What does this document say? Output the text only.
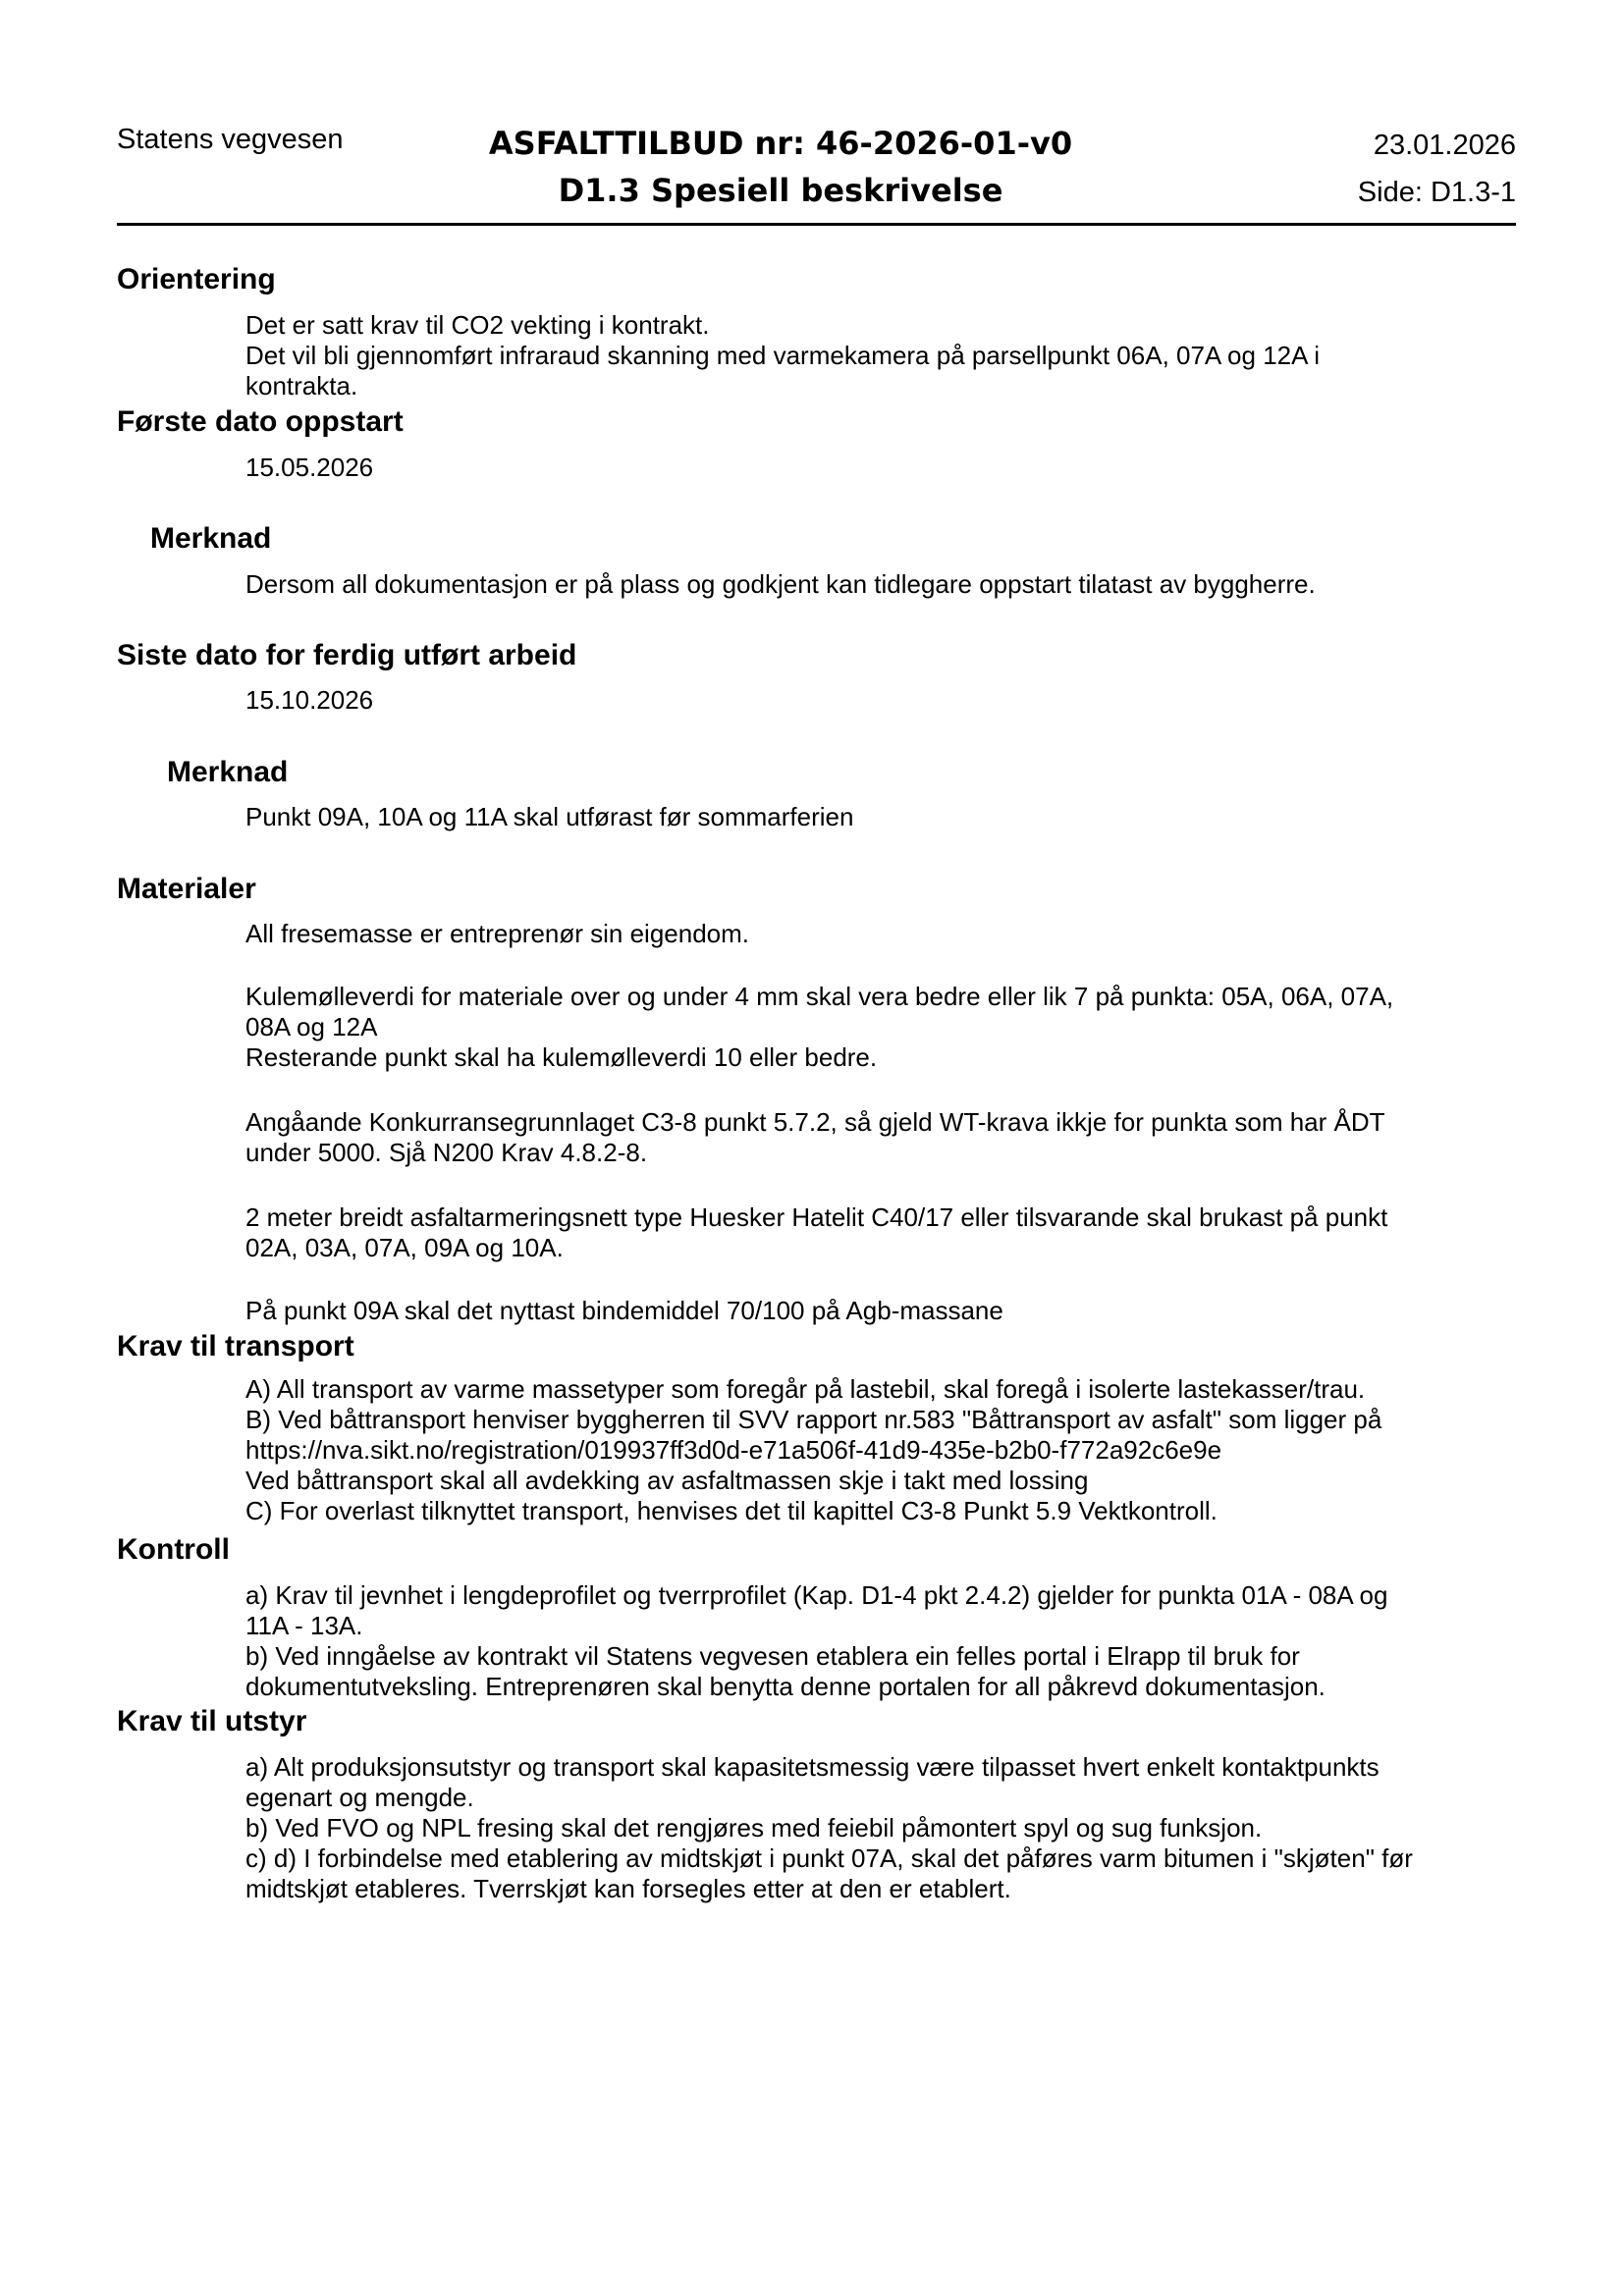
Statens vegvesen	ASFALTTILBUD nr: 46-2026-01-v0
D1.3 Spesiell beskrivelse
23.01.2026
Side: D1.3-1
Orientering
Det er satt krav til CO2 vekting i kontrakt.
Det vil bli gjennomført infraraud skanning med varmekamera på parsellpunkt 06A, 07A og 12A i
kontrakta.
Første dato oppstart
15.05.2026
Merknad
Dersom all dokumentasjon er på plass og godkjent kan tidlegare oppstart tilatast av byggherre.
Siste dato for ferdig utført arbeid
15.10.2026
Merknad
Punkt 09A, 10A og 11A skal utførast før sommarferien
Materialer
All fresemasse er entreprenør sin eigendom.
Kulemølleverdi for materiale over og under 4 mm skal vera bedre eller lik 7 på punkta: 05A, 06A, 07A,
08A og 12A
Resterande punkt skal ha kulemølleverdi 10 eller bedre.
Angåande Konkurransegrunnlaget C3-8 punkt 5.7.2, så gjeld WT-krava ikkje for punkta som har ÅDT
under 5000. Sjå N200 Krav 4.8.2-8.
2 meter breidt asfaltarmeringsnett type Huesker Hatelit C40/17 eller tilsvarande skal brukast på punkt
02A, 03A, 07A, 09A og 10A.
På punkt 09A skal det nyttast bindemiddel 70/100 på Agb-massane
Krav til transport
A) All transport av varme massetyper som foregår på lastebil, skal foregå i isolerte lastekasser/trau.
B) Ved båttransport henviser byggherren til SVV rapport nr.583 "Båttransport av asfalt" som ligger på
https://nva.sikt.no/registration/019937ff3d0d-e71a506f-41d9-435e-b2b0-f772a92c6e9e
Ved båttransport skal all avdekking av asfaltmassen skje i takt med lossing
C) For overlast tilknyttet transport, henvises det til kapittel C3-8 Punkt 5.9 Vektkontroll.
Kontroll
a) Krav til jevnhet i lengdeprofilet og tverrprofilet (Kap. D1-4 pkt 2.4.2) gjelder for punkta 01A - 08A og
11A - 13A.
b) Ved inngåelse av kontrakt vil Statens vegvesen etablera ein felles portal i Elrapp til bruk for
dokumentutveksling. Entreprenøren skal benytta denne portalen for all påkrevd dokumentasjon.
Krav til utstyr
a) Alt produksjonsutstyr og transport skal kapasitetsmessig være tilpasset hvert enkelt kontaktpunkts
egenart og mengde.
b) Ved FVO og NPL fresing skal det rengjøres med feiebil påmontert spyl og sug funksjon.
c) d) I forbindelse med etablering av midtskjøt i punkt 07A, skal det påføres varm bitumen i "skjøten" før
midtskjøt etableres. Tverrskjøt kan forsegles etter at den er etablert.
